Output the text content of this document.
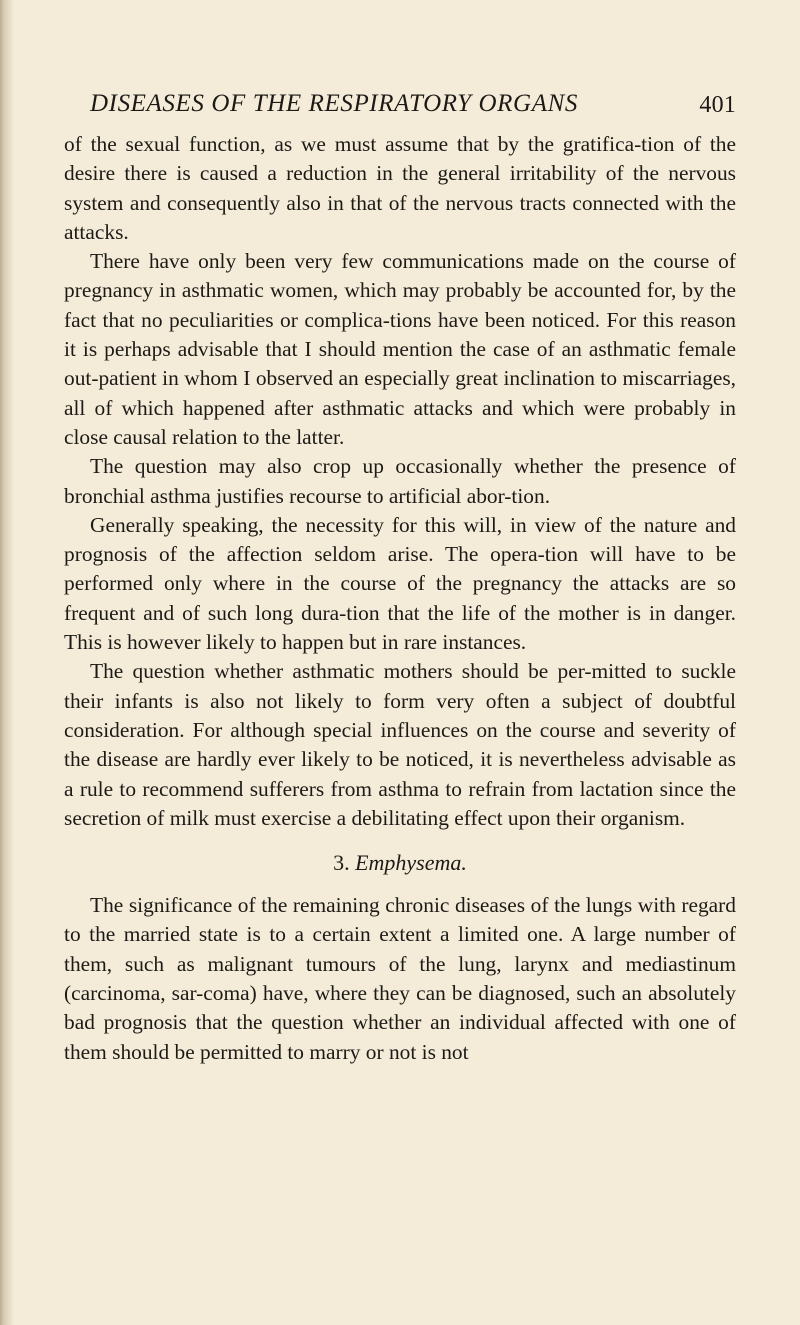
DISEASES OF THE RESPIRATORY ORGANS	401

of the sexual function, as we must assume that by the gratifica-tion of the desire there is caused a reduction in the general irritability of the nervous system and consequently also in that of the nervous tracts connected with the attacks.

There have only been very few communications made on the course of pregnancy in asthmatic women, which may probably be accounted for, by the fact that no peculiarities or complica-tions have been noticed. For this reason it is perhaps advisable that I should mention the case of an asthmatic female out-patient in whom I observed an especially great inclination to miscarriages, all of which happened after asthmatic attacks and which were probably in close causal relation to the latter.

The question may also crop up occasionally whether the presence of bronchial asthma justifies recourse to artificial abor-tion.

Generally speaking, the necessity for this will, in view of the nature and prognosis of the affection seldom arise. The opera-tion will have to be performed only where in the course of the pregnancy the attacks are so frequent and of such long dura-tion that the life of the mother is in danger. This is however likely to happen but in rare instances.

The question whether asthmatic mothers should be per-mitted to suckle their infants is also not likely to form very often a subject of doubtful consideration. For although special influences on the course and severity of the disease are hardly ever likely to be noticed, it is nevertheless advisable as a rule to recommend sufferers from asthma to refrain from lactation since the secretion of milk must exercise a debilitating effect upon their organism.

3. Emphysema.

The significance of the remaining chronic diseases of the lungs with regard to the married state is to a certain extent a limited one. A large number of them, such as malignant tumours of the lung, larynx and mediastinum (carcinoma, sar-coma) have, where they can be diagnosed, such an absolutely bad prognosis that the question whether an individual affected with one of them should be permitted to marry or not is not
